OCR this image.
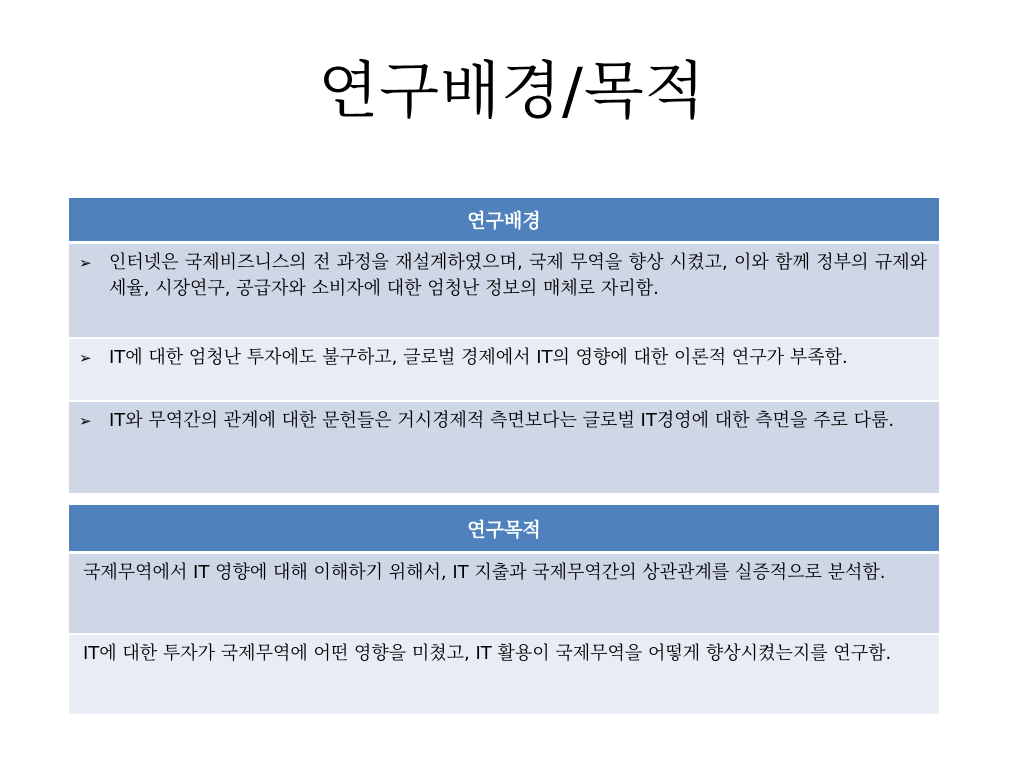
연구배경/목적
연구배경
➢ 인터넷은 국제비즈니스의 전 과정을 재설계하였으며, 국제 무역을 향상 시켰고, 이와 함께 정부의 규제와 세율, 시장연구, 공급자와 소비자에 대한 엄청난 정보의 매체로 자리함.
➢ IT에 대한 엄청난 투자에도 불구하고, 글로벌 경제에서 IT의 영향에 대한 이론적 연구가 부족함.
➢ IT와 무역간의 관계에 대한 문헌들은 거시경제적 측면보다는 글로벌 IT경영에 대한 측면을 주로 다룸.
연구목적
국제무역에서 IT 영향에 대해 이해하기 위해서, IT 지출과 국제무역간의 상관관계를 실증적으로 분석함.
IT에 대한 투자가 국제무역에 어떤 영향을 미쳤고, IT 활용이 국제무역을 어떻게 향상시켰는지를 연구함.
